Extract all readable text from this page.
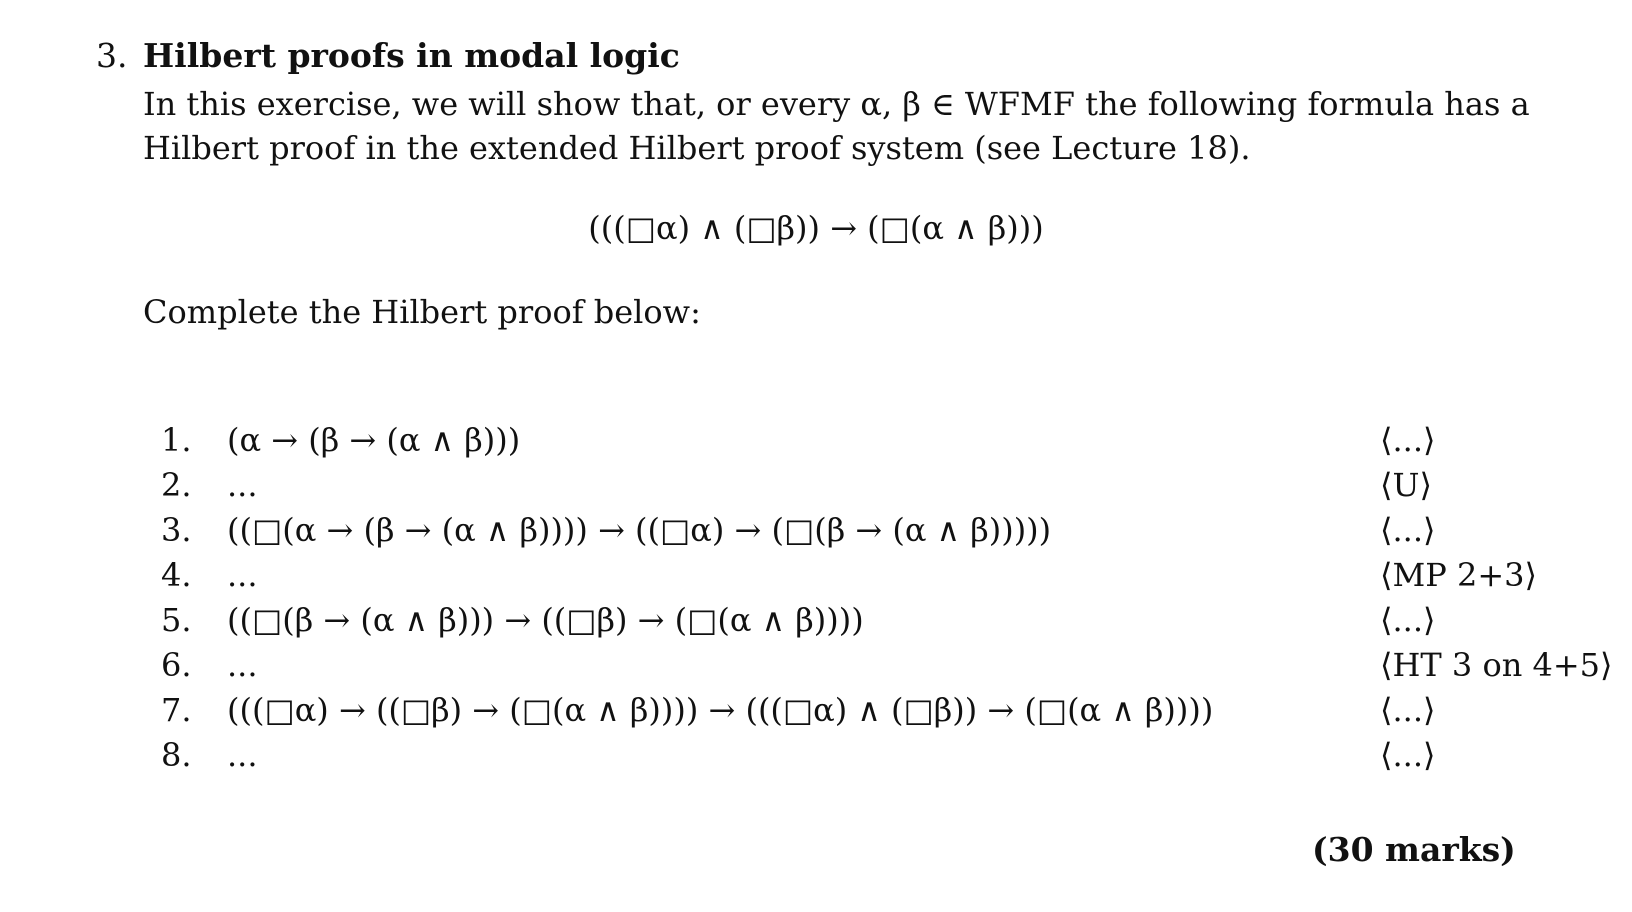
3. Hilbert proofs in modal logic
In this exercise, we will show that, or every α, β ∈ WFMF the following formula has a
Hilbert proof in the extended Hilbert proof system (see Lecture 18).
(((□α) ∧ (□β)) → (□(α ∧ β)))
Complete the Hilbert proof below:
1. (α → (β → (α ∧ β)))	⟨...⟩
2. ...	⟨U⟩
3. ((□(α → (β → (α ∧ β)))) → ((□α) → (□(β → (α ∧ β)))))	⟨...⟩
4. ...	⟨MP 2+3⟩
5. ((□(β → (α ∧ β))) → ((□β) → (□(α ∧ β))))	⟨...⟩
6. ...	⟨HT 3 on 4+5⟩
7. (((□α) → ((□β) → (□(α ∧ β)))) → (((□α) ∧ (□β)) → (□(α ∧ β))))	⟨...⟩
8. ...	⟨...⟩
(30 marks)
